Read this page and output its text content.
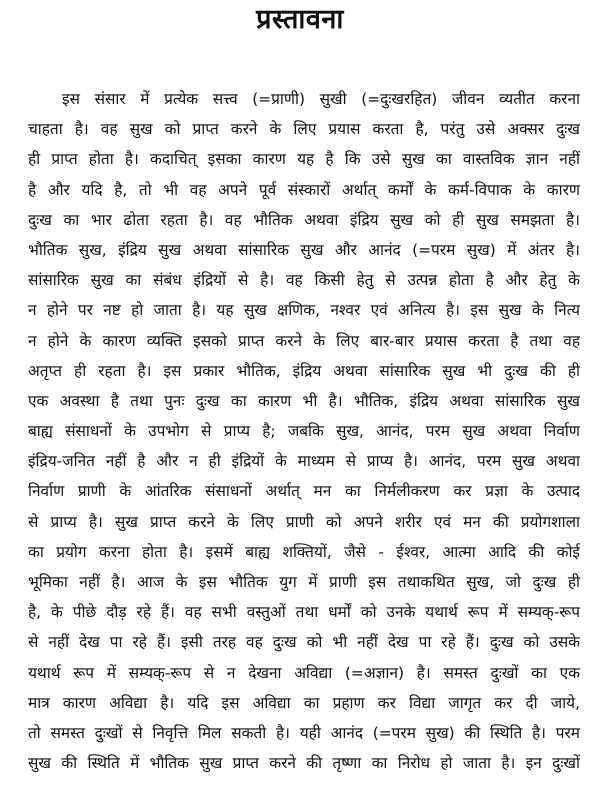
प्रस्तावना
इस संसार में प्रत्येक सत्त्व (=प्राणी) सुखी (=दुःखरहित) जीवन व्यतीत करना
चाहता है। वह सुख को प्राप्त करने के लिए प्रयास करता है, परंतु उसे अक्सर दुःख
ही प्राप्त होता है। कदाचित् इसका कारण यह है कि उसे सुख का वास्तविक ज्ञान नहीं
है और यदि है, तो भी वह अपने पूर्व संस्कारों अर्थात् कर्मों के कर्म-विपाक के कारण
दुःख का भार ढोता रहता है। वह भौतिक अथवा इंद्रिय सुख को ही सुख समझता है।
भौतिक सुख, इंद्रिय सुख अथवा सांसारिक सुख और आनंद (=परम सुख) में अंतर है।
सांसारिक सुख का संबंध इंद्रियों से है। वह किसी हेतु से उत्पन्न होता है और हेतु के
न होने पर नष्ट हो जाता है। यह सुख क्षणिक, नश्वर एवं अनित्य है। इस सुख के नित्य
न होने के कारण व्यक्ति इसको प्राप्त करने के लिए बार-बार प्रयास करता है तथा वह
अतृप्त ही रहता है। इस प्रकार भौतिक, इंद्रिय अथवा सांसारिक सुख भी दुःख की ही
एक अवस्था है तथा पुनः दुःख का कारण भी है। भौतिक, इंद्रिय अथवा सांसारिक सुख
बाह्य संसाधनों के उपभोग से प्राप्य है; जबकि सुख, आनंद, परम सुख अथवा निर्वाण
इंद्रिय-जनित नहीं है और न ही इंद्रियों के माध्यम से प्राप्य है। आनंद, परम सुख अथवा
निर्वाण प्राणी के आंतरिक संसाधनों अर्थात् मन का निर्मलीकरण कर प्रज्ञा के उत्पाद
से प्राप्य है। सुख प्राप्त करने के लिए प्राणी को अपने शरीर एवं मन की प्रयोगशाला
का प्रयोग करना होता है। इसमें बाह्य शक्तियों, जैसे - ईश्वर, आत्मा आदि की कोई
भूमिका नहीं है। आज के इस भौतिक युग में प्राणी इस तथाकथित सुख, जो दुःख ही
है, के पीछे दौड़ रहे हैं। वह सभी वस्तुओं तथा धर्मों को उनके यथार्थ रूप में सम्यक्-रूप
से नहीं देख पा रहे हैं। इसी तरह वह दुःख को भी नहीं देख पा रहे हैं। दुःख को उसके
यथार्थ रूप में सम्यक्-रूप से न देखना अविद्या (=अज्ञान) है। समस्त दुःखों का एक
मात्र कारण अविद्या है। यदि इस अविद्या का प्रहाण कर विद्या जागृत कर दी जाये,
तो समस्त दुःखों से निवृत्ति मिल सकती है। यही आनंद (=परम सुख) की स्थिति है। परम
सुख की स्थिति में भौतिक सुख प्राप्त करने की तृष्णा का निरोध हो जाता है। इन दुःखों
